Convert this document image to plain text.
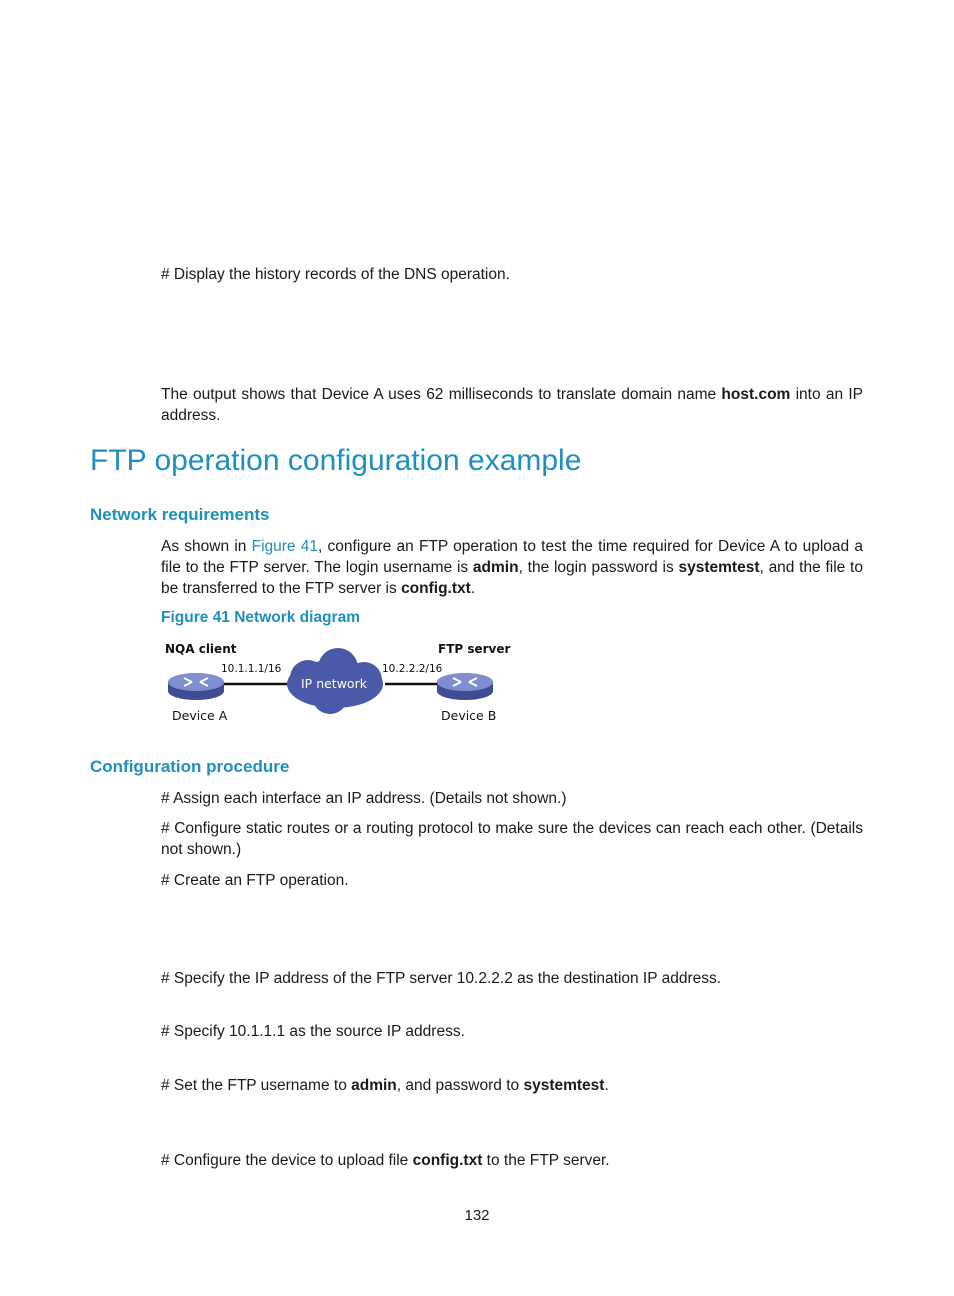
# Display the history records of the DNS operation.

The output shows that Device A uses 62 milliseconds to translate domain name host.com into an IP address.

FTP operation configuration example
Network requirements

As shown in Figure 41, configure an FTP operation to test the time required for Device A to upload a file to the FTP server. The login username is admin, the login password is systemtest, and the file to be transferred to the FTP server is config.txt.

Figure 41 Network diagram

NQA client	FTP server
10.1.1.1/16	10.2.2.2/16
IP network
Device A	Device B
Configuration procedure

# Assign each interface an IP address. (Details not shown.)

# Configure static routes or a routing protocol to make sure the devices can reach each other. (Details not shown.)

# Create an FTP operation.

# Specify the IP address of the FTP server 10.2.2.2 as the destination IP address.

# Specify 10.1.1.1 as the source IP address.

# Set the FTP username to admin, and password to systemtest.

# Configure the device to upload file config.txt to the FTP server.

132
